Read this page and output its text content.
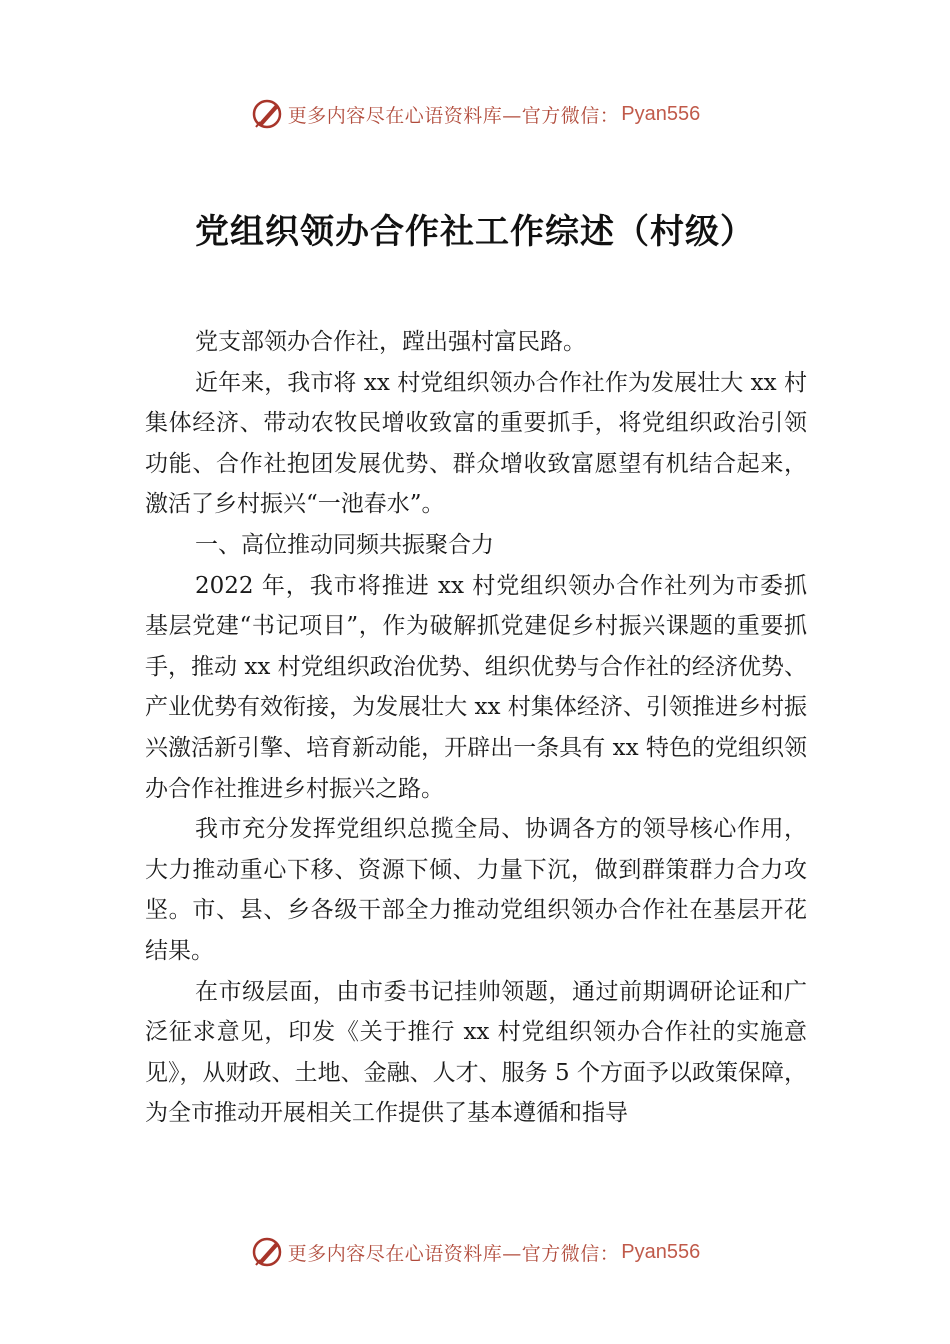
更多内容尽在心语资料库—官方微信： Pyan556
党组织领办合作社工作综述（村级）

党支部领办合作社，蹚出强村富民路。

近年来，我市将 xx 村党组织领办合作社作为发展壮大 xx 村集体经济、带动农牧民增收致富的重要抓手，将党组织政治引领功能、合作社抱团发展优势、群众增收致富愿望有机结合起来，激活了乡村振兴“一池春水”。

一、高位推动同频共振聚合力

2022 年，我市将推进 xx 村党组织领办合作社列为市委抓基层党建“书记项目”，作为破解抓党建促乡村振兴课题的重要抓手，推动 xx 村党组织政治优势、组织优势与合作社的经济优势、产业优势有效衔接，为发展壮大 xx 村集体经济、引领推进乡村振兴激活新引擎、培育新动能，开辟出一条具有 xx 特色的党组织领办合作社推进乡村振兴之路。

我市充分发挥党组织总揽全局、协调各方的领导核心作用，大力推动重心下移、资源下倾、力量下沉，做到群策群力合力攻坚。市、县、乡各级干部全力推动党组织领办合作社在基层开花结果。

在市级层面，由市委书记挂帅领题，通过前期调研论证和广泛征求意见，印发《关于推行 xx 村党组织领办合作社的实施意见》，从财政、土地、金融、人才、服务 5 个方面予以政策保障，为全市推动开展相关工作提供了基本遵循和指导

更多内容尽在心语资料库—官方微信： Pyan556
